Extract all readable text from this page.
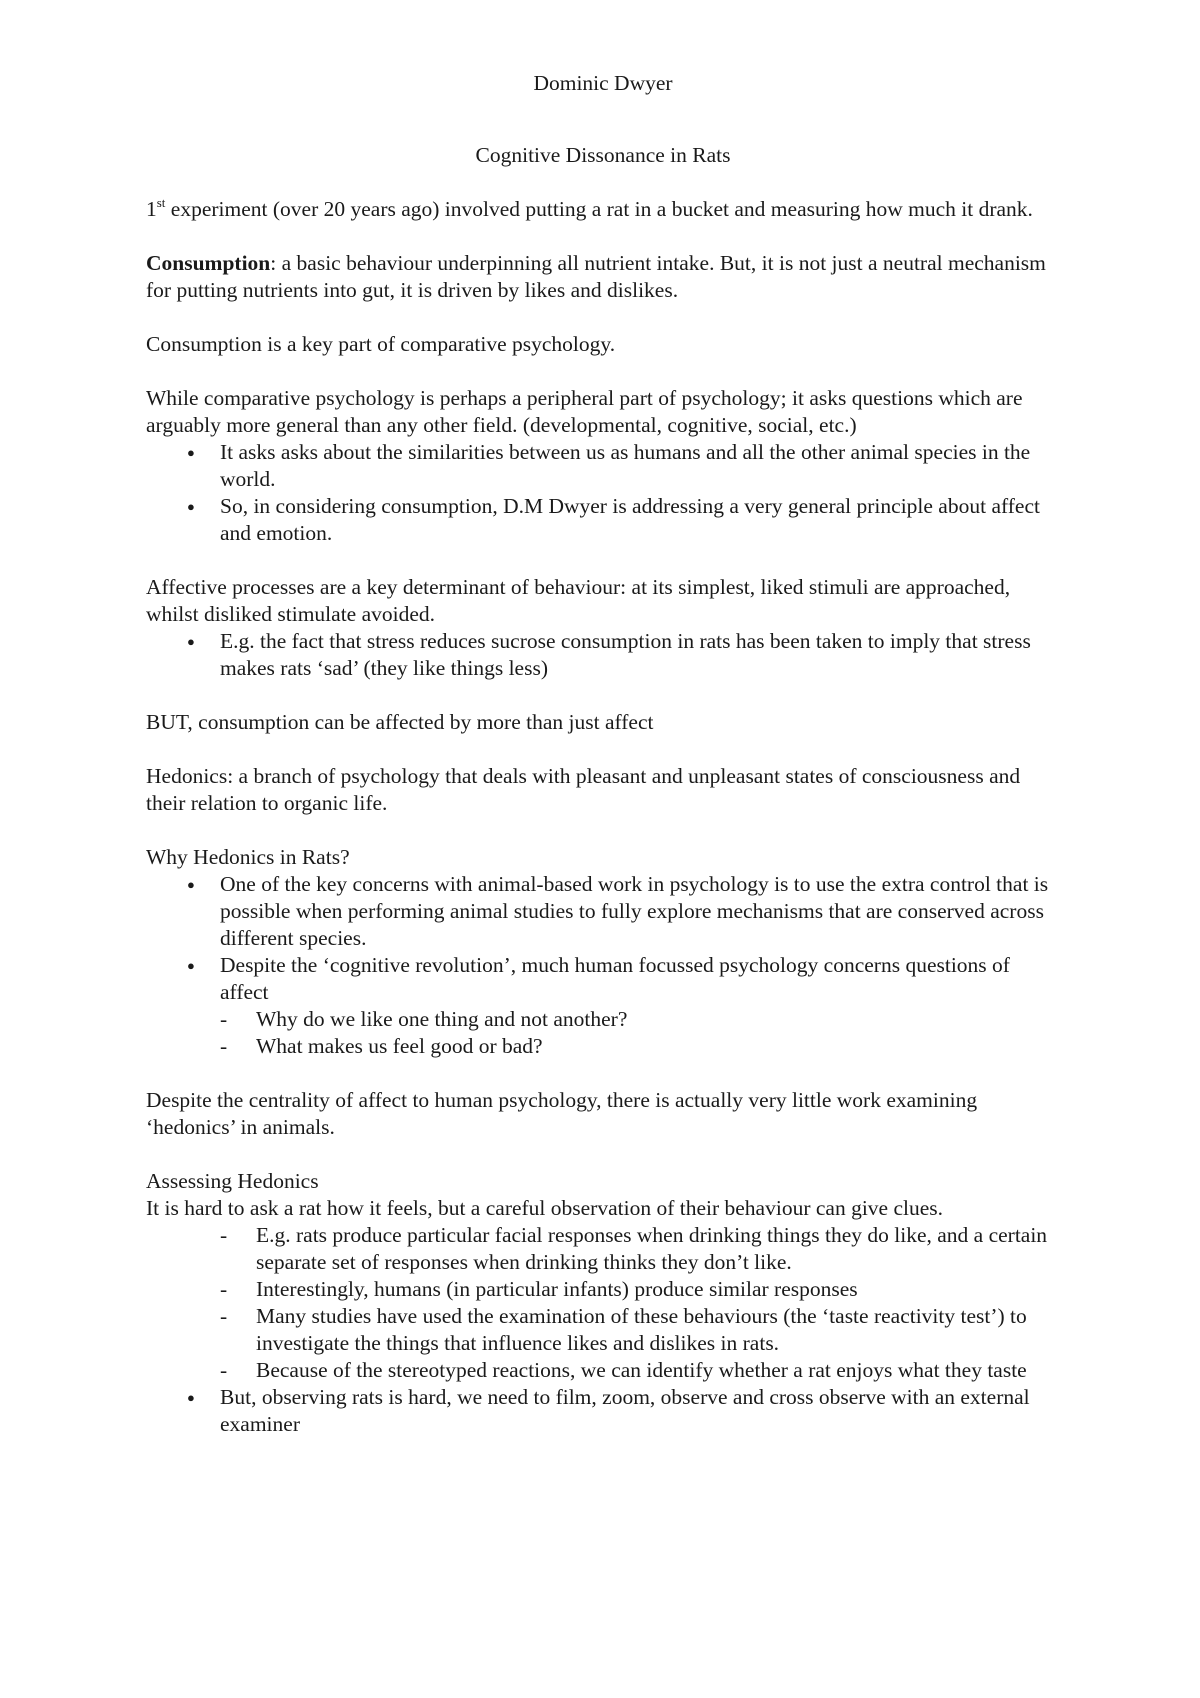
Dominic Dwyer

Cognitive Dissonance in Rats

1st experiment (over 20 years ago) involved putting a rat in a bucket and measuring how much it drank.

Consumption: a basic behaviour underpinning all nutrient intake. But, it is not just a neutral mechanism for putting nutrients into gut, it is driven by likes and dislikes.

Consumption is a key part of comparative psychology.

While comparative psychology is perhaps a peripheral part of psychology; it asks questions which are arguably more general than any other field. (developmental, cognitive, social, etc.)

● It asks asks about the similarities between us as humans and all the other animal species in the world.
● So, in considering consumption, D.M Dwyer is addressing a very general principle about affect and emotion.

Affective processes are a key determinant of behaviour: at its simplest, liked stimuli are approached, whilst disliked stimulate avoided.

● E.g. the fact that stress reduces sucrose consumption in rats has been taken to imply that stress makes rats ‘sad’ (they like things less)

BUT, consumption can be affected by more than just affect

Hedonics: a branch of psychology that deals with pleasant and unpleasant states of consciousness and their relation to organic life.

Why Hedonics in Rats?

● One of the key concerns with animal-based work in psychology is to use the extra control that is possible when performing animal studies to fully explore mechanisms that are conserved across different species.
● Despite the ‘cognitive revolution’, much human focussed psychology concerns questions of affect
- Why do we like one thing and not another?
- What makes us feel good or bad?

Despite the centrality of affect to human psychology, there is actually very little work examining ‘hedonics’ in animals.

Assessing Hedonics

It is hard to ask a rat how it feels, but a careful observation of their behaviour can give clues.

- E.g. rats produce particular facial responses when drinking things they do like, and a certain separate set of responses when drinking thinks they don’t like.
- Interestingly, humans (in particular infants) produce similar responses
- Many studies have used the examination of these behaviours (the ‘taste reactivity test’) to investigate the things that influence likes and dislikes in rats.
- Because of the stereotyped reactions, we can identify whether a rat enjoys what they taste
● But, observing rats is hard, we need to film, zoom, observe and cross observe with an external examiner
